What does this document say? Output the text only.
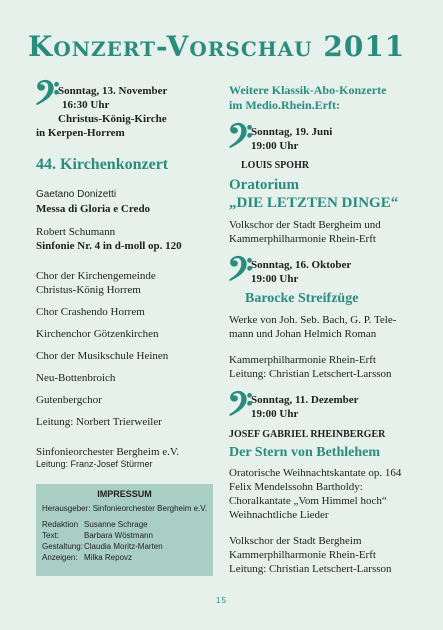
Konzert-Vorschau 2011
𝄢
Sonntag, 13. November
16:30 Uhr
Christus-König-Kirche
in Kerpen-Horrem
44. Kirchenkonzert

Gaetano Donizetti

Messa di Gloria e Credo

Robert Schumann

Sinfonie Nr. 4 in d-moll op. 120

Chor der Kirchengemeinde

Christus-König Horrem

Chor Crashendo Horrem

Kirchenchor Götzenkirchen

Chor der Musikschule Heinen

Neu-Bottenbroich

Gutenbergchor

Leitung: Norbert Trierweiler

Sinfonieorchester Bergheim e.V.

Leitung: Franz-Josef Stürmer

IMPRESSUM
Herausgeber: Sinfonieorchester Bergheim e.V.
Redaktion Susanne Schrage
Text:	Barbara Wöstmann
Gestaltung: Claudia Moritz-Marten
Anzeigen: Milka Repovz
Weitere Klassik-Abo-Konzerte
im Medio.Rhein.Erft:
𝄢
Sonntag, 19. Juni
19:00 Uhr
LOUIS SPOHR
Oratorium
„DIE LETZTEN DINGE“

Volkschor der Stadt Bergheim und

Kammerphilharmonie Rhein-Erft

𝄢
Sonntag, 16. Oktober
19:00 Uhr
Barocke Streifzüge

Werke von Joh. Seb. Bach, G. P. Tele-

mann und Johan Helmich Roman

Kammerphilharmonie Rhein-Erft

Leitung: Christian Letschert-Larsson

𝄢
Sonntag, 11. Dezember
19:00 Uhr
JOSEF GABRIEL RHEINBERGER
Der Stern von Bethlehem

Oratorische Weihnachtskantate op. 164

Felix Mendelssohn Bartholdy:

Choralkantate „Vom Himmel hoch“

Weihnachtliche Lieder

Volkschor der Stadt Bergheim

Kammerphilharmonie Rhein-Erft

Leitung: Christian Letschert-Larsson

15
